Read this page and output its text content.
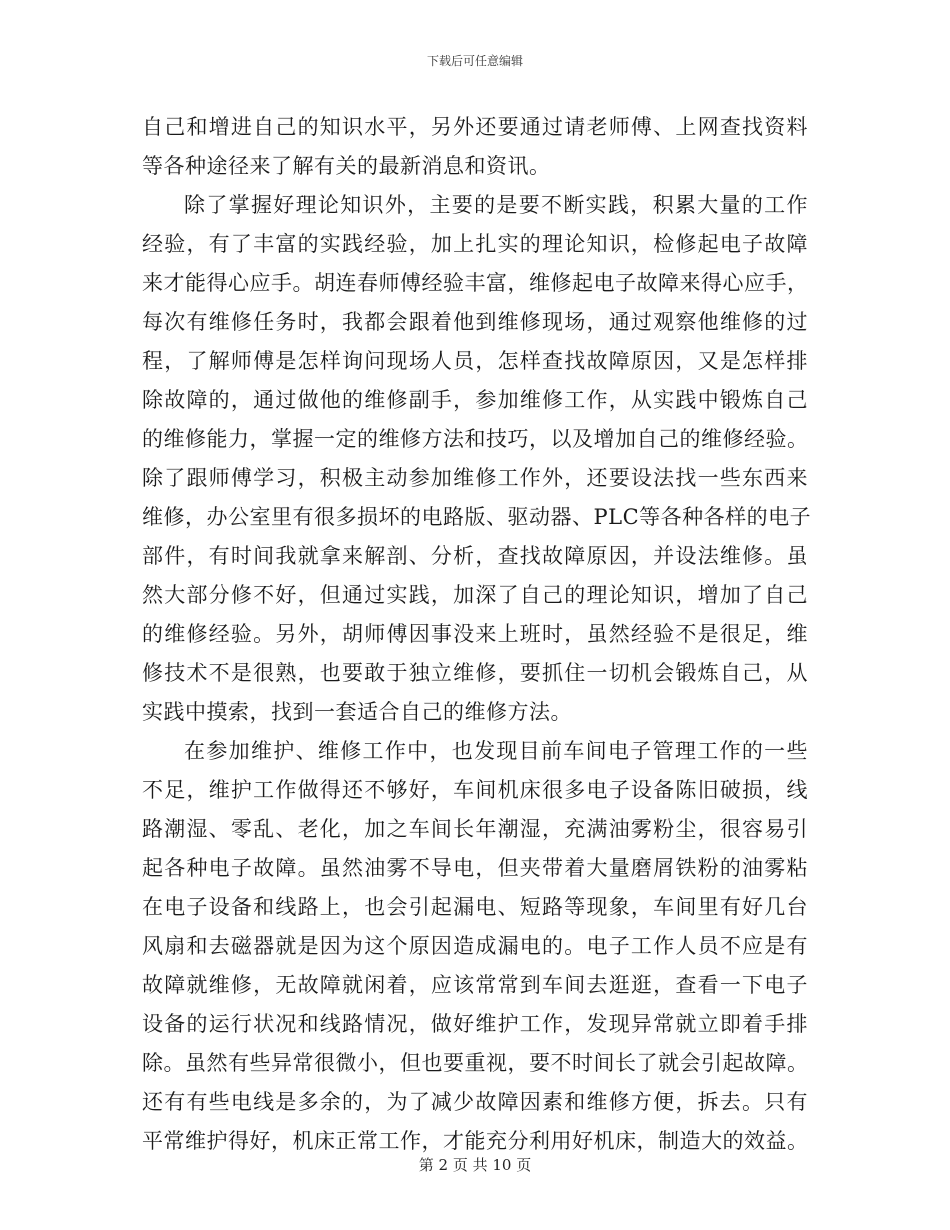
下载后可任意编辑
自己和增进自己的知识水平，另外还要通过请老师傅、上网查找资料
等各种途径来了解有关的最新消息和资讯。
除了掌握好理论知识外，主要的是要不断实践，积累大量的工作
经验，有了丰富的实践经验，加上扎实的理论知识，检修起电子故障
来才能得心应手。胡连春师傅经验丰富，维修起电子故障来得心应手，
每次有维修任务时，我都会跟着他到维修现场，通过观察他维修的过
程，了解师傅是怎样询问现场人员，怎样查找故障原因，又是怎样排
除故障的，通过做他的维修副手，参加维修工作，从实践中锻炼自己
的维修能力，掌握一定的维修方法和技巧，以及增加自己的维修经验。
除了跟师傅学习，积极主动参加维修工作外，还要设法找一些东西来
维修，办公室里有很多损坏的电路版、驱动器、PLC等各种各样的电子
部件，有时间我就拿来解剖、分析，查找故障原因，并设法维修。虽
然大部分修不好，但通过实践，加深了自己的理论知识，增加了自己
的维修经验。另外，胡师傅因事没来上班时，虽然经验不是很足，维
修技术不是很熟，也要敢于独立维修，要抓住一切机会锻炼自己，从
实践中摸索，找到一套适合自己的维修方法。
在参加维护、维修工作中，也发现目前车间电子管理工作的一些
不足，维护工作做得还不够好，车间机床很多电子设备陈旧破损，线
路潮湿、零乱、老化，加之车间长年潮湿，充满油雾粉尘，很容易引
起各种电子故障。虽然油雾不导电，但夹带着大量磨屑铁粉的油雾粘
在电子设备和线路上，也会引起漏电、短路等现象，车间里有好几台
风扇和去磁器就是因为这个原因造成漏电的。电子工作人员不应是有
故障就维修，无故障就闲着，应该常常到车间去逛逛，查看一下电子
设备的运行状况和线路情况，做好维护工作，发现异常就立即着手排
除。虽然有些异常很微小，但也要重视，要不时间长了就会引起故障。
还有有些电线是多余的，为了减少故障因素和维修方便，拆去。只有
平常维护得好，机床正常工作，才能充分利用好机床，制造大的效益。
第 2 页 共 10 页
